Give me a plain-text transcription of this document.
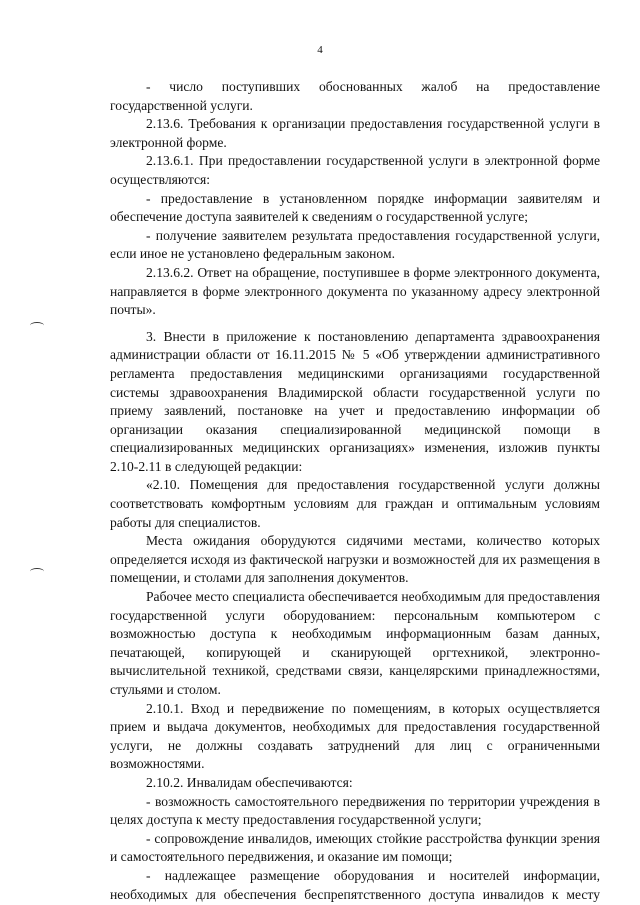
4

- число поступивших обоснованных жалоб на предоставление государственной услуги.

2.13.6. Требования к организации предоставления государственной услуги в электронной форме.

2.13.6.1. При предоставлении государственной услуги в электронной форме осуществляются:

- предоставление в установленном порядке информации заявителям и обеспечение доступа заявителей к сведениям о государственной услуге;

- получение заявителем результата предоставления государственной услуги, если иное не установлено федеральным законом.

2.13.6.2. Ответ на обращение, поступившее в форме электронного документа, направляется в форме электронного документа по указанному адресу электронной почты».

3. Внести в приложение к постановлению департамента здравоохранения администрации области от 16.11.2015 № 5 «Об утверждении административного регламента предоставления медицинскими организациями государственной системы здравоохранения Владимирской области государственной услуги по приему заявлений, постановке на учет и предоставлению информации об организации оказания специализированной медицинской помощи в специализированных медицинских организациях» изменения, изложив пункты 2.10-2.11 в следующей редакции:

«2.10. Помещения для предоставления государственной услуги должны соответствовать комфортным условиям для граждан и оптимальным условиям работы для специалистов.

Места ожидания оборудуются сидячими местами, количество которых определяется исходя из фактической нагрузки и возможностей для их размещения в помещении, и столами для заполнения документов.

Рабочее место специалиста обеспечивается необходимым для предоставления государственной услуги оборудованием: персональным компьютером с возможностью доступа к необходимым информационным базам данных, печатающей, копирующей и сканирующей оргтехникой, электронно-вычислительной техникой, средствами связи, канцелярскими принадлежностями, стульями и столом.

2.10.1. Вход и передвижение по помещениям, в которых осуществляется прием и выдача документов, необходимых для предоставления государственной услуги, не должны создавать затруднений для лиц с ограниченными возможностями.

2.10.2. Инвалидам обеспечиваются:

- возможность самостоятельного передвижения по территории учреждения в целях доступа к месту предоставления государственной услуги;

- сопровождение инвалидов, имеющих стойкие расстройства функции зрения и самостоятельного передвижения, и оказание им помощи;

- надлежащее размещение оборудования и носителей информации, необходимых для обеспечения беспрепятственного доступа инвалидов к месту
